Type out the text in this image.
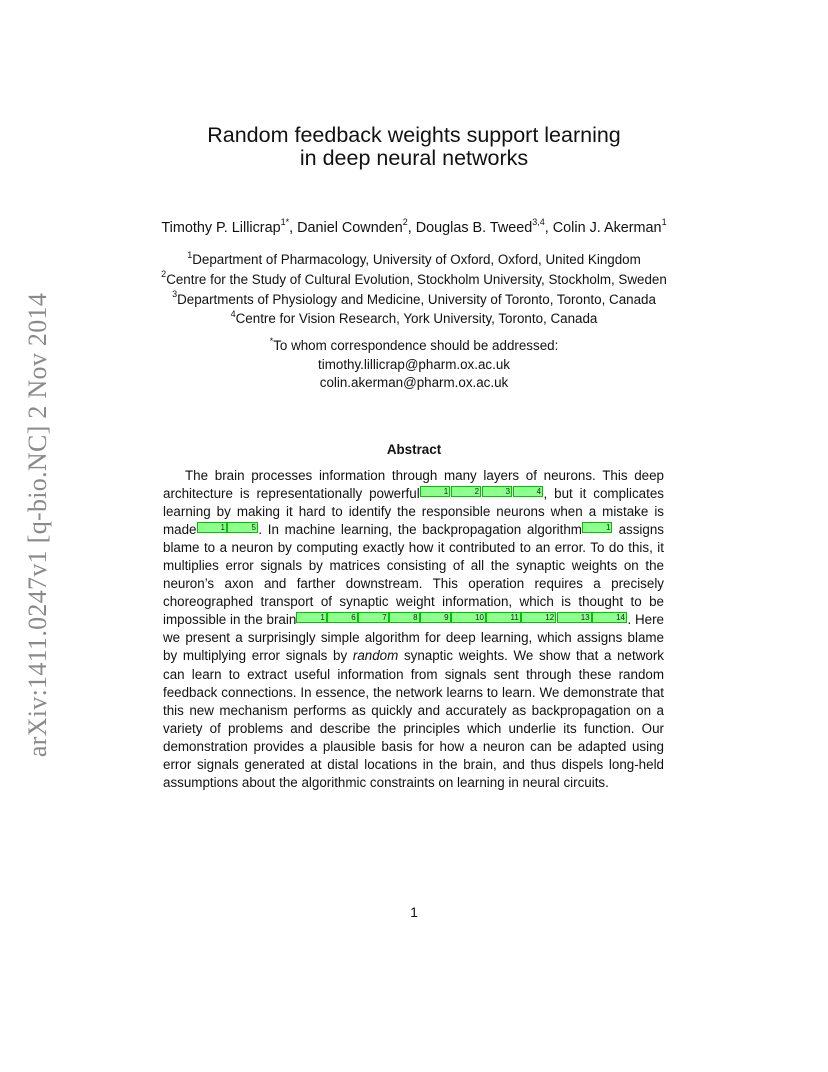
arXiv:1411.0247v1 [q-bio.NC] 2 Nov 2014
Random feedback weights support learning
in deep neural networks
Timothy P. Lillicrap$^{1*}$, Daniel Cownden$^2$, Douglas B. Tweed$^{3,4}$, Colin J. Akerman$^1$
$^1$Department of Pharmacology, University of Oxford, Oxford, United Kingdom
$^2$Centre for the Study of Cultural Evolution, Stockholm University, Stockholm, Sweden
$^3$Departments of Physiology and Medicine, University of Toronto, Toronto, Canada
$^4$Centre for Vision Research, York University, Toronto, Canada
*To whom correspondence should be addressed:
timothy.lillicrap@pharm.ox.ac.uk
colin.akerman@pharm.ox.ac.uk
Abstract

The brain processes information through many layers of neurons. This deep architecture is representationally powerful	1	2	3	4 , but it complicates learning by making it hard to identify the responsible neurons when a mistake is made	1	5 . In machine learning, the backpropagation algorithm	1 assigns blame to a neuron by computing exactly how it contributed to an error. To do this, it multiplies error signals by matrices consisting of all the synaptic weights on the neuron’s axon and farther downstream. This operation requires a precisely choreographed transport of synaptic weight information, which is thought to be impossible in the brain	1	6	7	8	9	10	11	12	13	14 . Here we present a surprisingly simple algorithm for deep learning, which assigns blame by multiplying error signals by random synaptic weights. We show that a network can learn to extract useful information from signals sent through these random feedback connections. In essence, the network learns to learn. We demonstrate that this new mechanism performs as quickly and accurately as backpropagation on a variety of problems and describe the principles which underlie its function. Our demonstration provides a plausible basis for how a neuron can be adapted using error signals generated at distal locations in the brain, and thus dispels long-held assumptions about the algorithmic constraints on learning in neural circuits.

1
